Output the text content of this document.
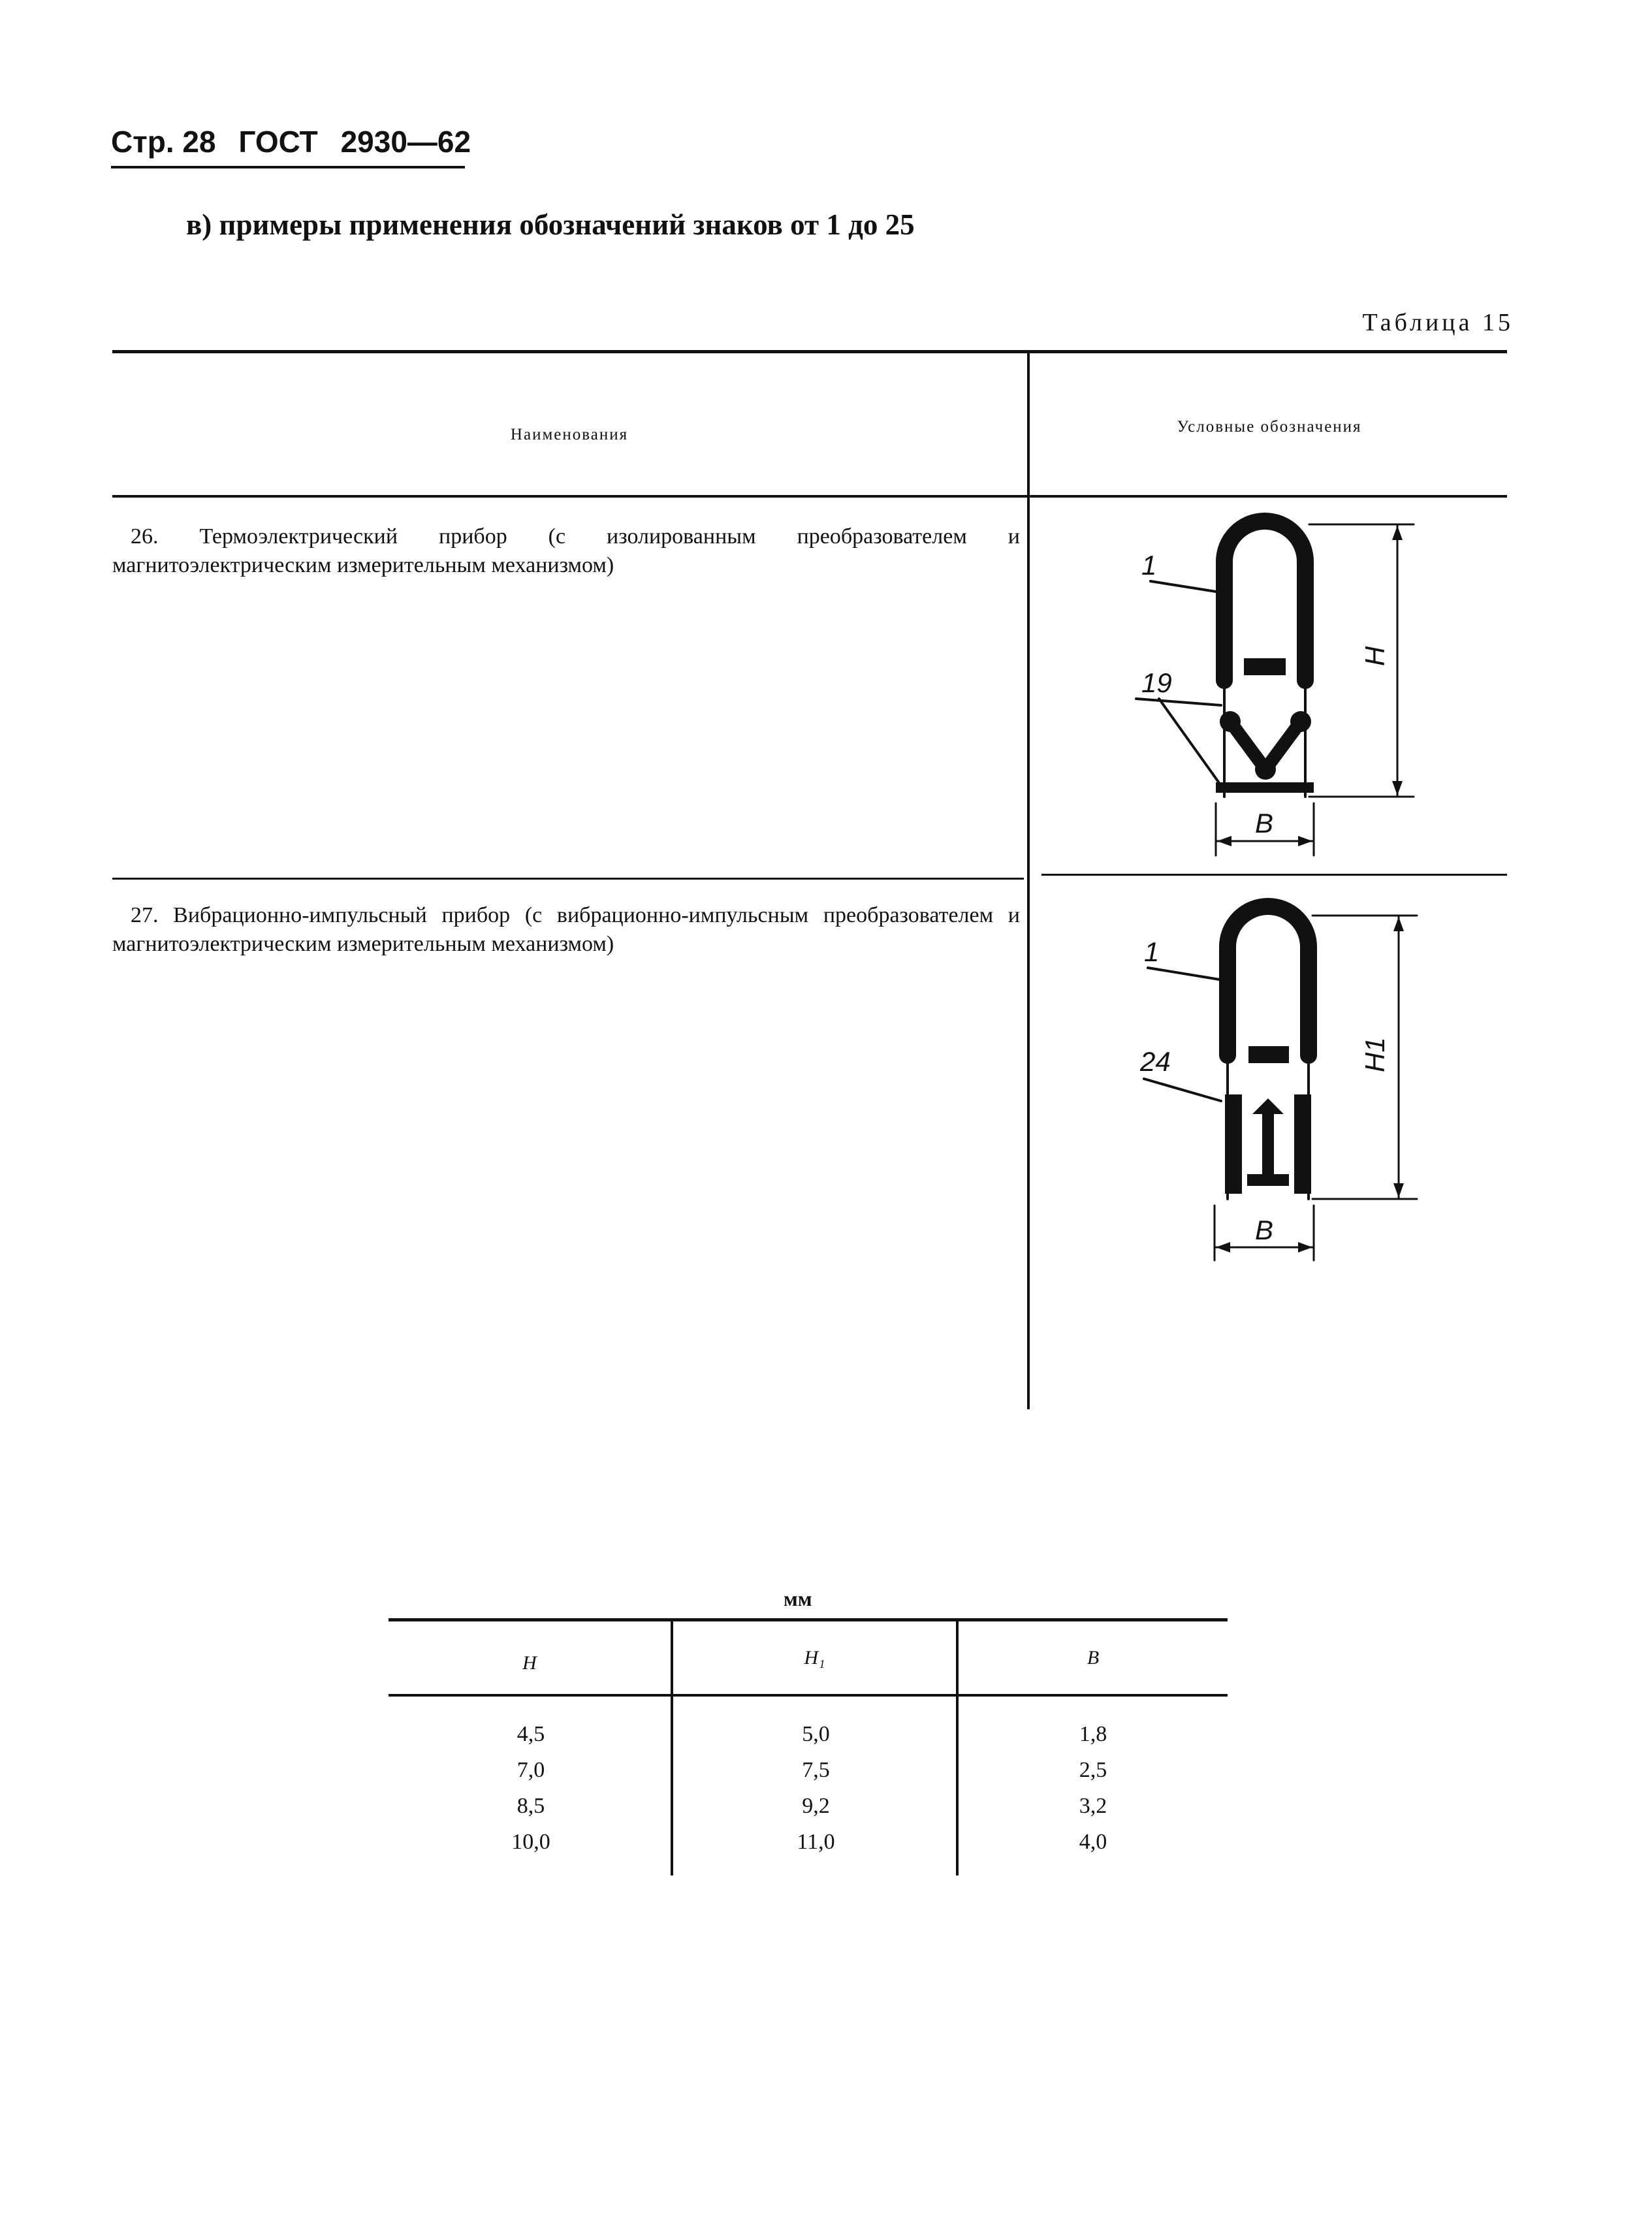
Стр. 28 ГОСТ 2930—62
в) примеры применения обозначений знаков от 1 до 25
Таблица 15
Наименования	Условные обозначения
26. Термоэлектрический прибор (с изолированным преобразователем и магнитоэлектрическим измерительным механизмом)
27. Вибрационно-импульсный прибор (с вибрационно-импульсным преобразователем и магнитоэлектрическим измерительным механизмом)
1
19
H
B
1
24	H1
B
мм
H	H₁	B
4,5	5,0	1,8
7,0	7,5	2,5
8,5	9,2	3,2
10,0	11,0	4,0
